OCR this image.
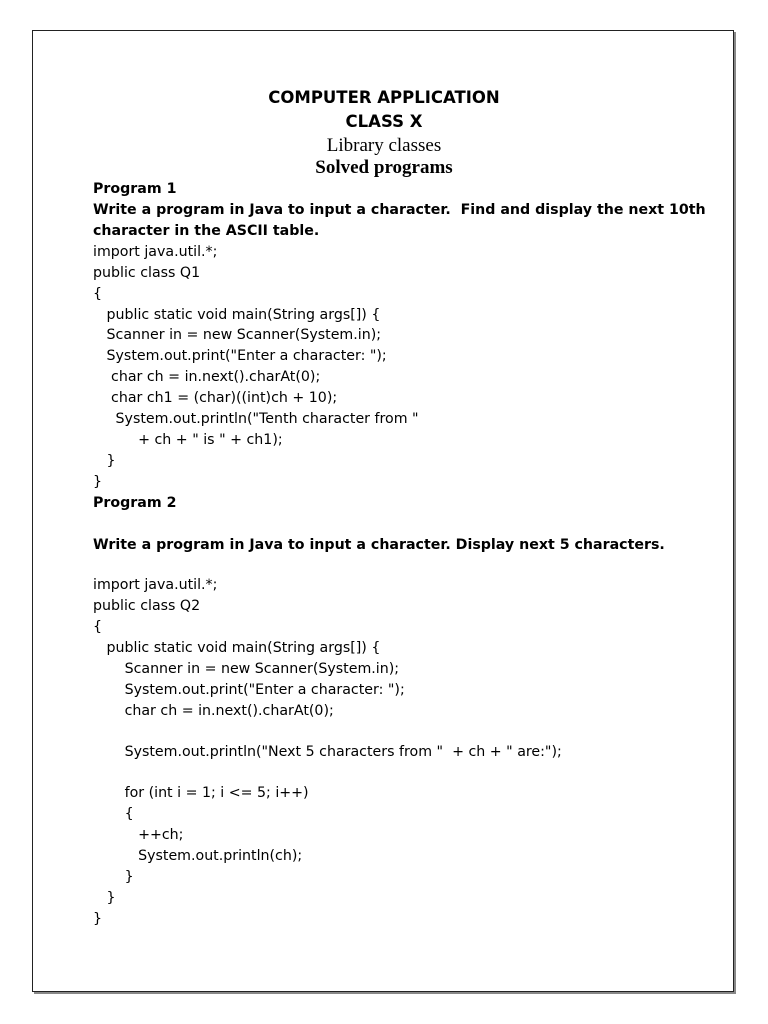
COMPUTER APPLICATION
CLASS X
Library classes
Solved programs
Program 1
Write a program in Java to input a character.  Find and display the next 10th
character in the ASCII table.
import java.util.*;
public class Q1
{
public static void main(String args[]) {
Scanner in = new Scanner(System.in);
System.out.print("Enter a character: ");
char ch = in.next().charAt(0);
char ch1 = (char)((int)ch + 10);
System.out.println("Tenth character from "
+ ch + " is " + ch1);
}
}
Program 2
Write a program in Java to input a character. Display next 5 characters.
import java.util.*;
public class Q2
{
public static void main(String args[]) {
Scanner in = new Scanner(System.in);
System.out.print("Enter a character: ");
char ch = in.next().charAt(0);
System.out.println("Next 5 characters from "  + ch + " are:");
for (int i = 1; i <= 5; i++)
{
++ch;
System.out.println(ch);
}
}
}
